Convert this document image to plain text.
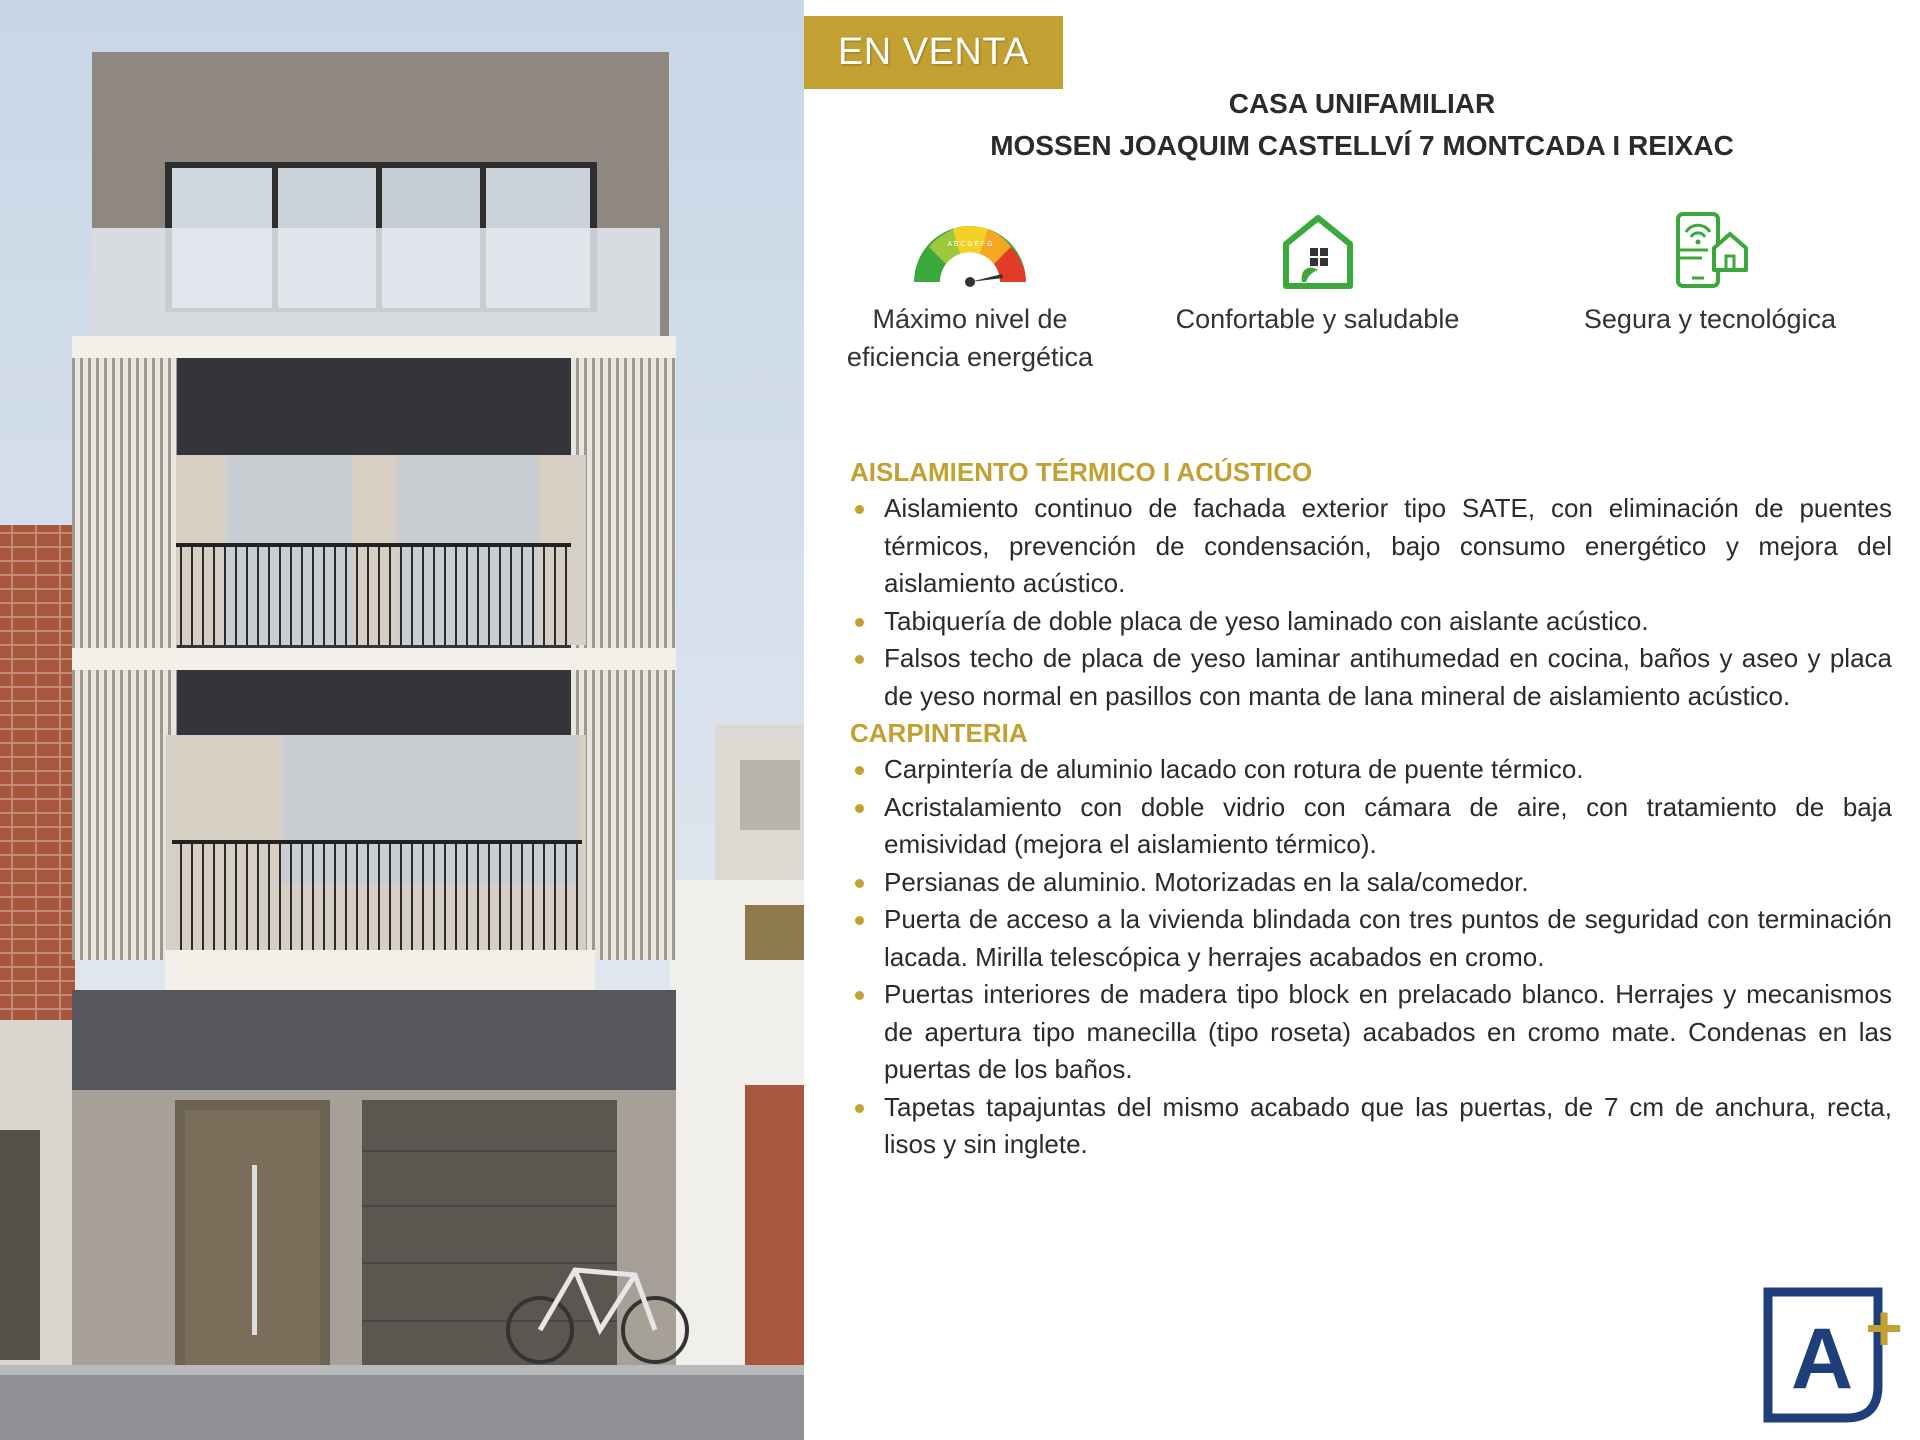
EN VENTA
CASA UNIFAMILIAR
MOSSEN JOAQUIM CASTELLVÍ 7 MONTCADA I REIXAC
A B C D E F G
Máximo nivel de
eficiencia energética
Confortable y saludable	Segura y tecnológica
AISLAMIENTO TÉRMICO I ACÚSTICO
Aislamiento continuo de fachada exterior tipo SATE, con eliminación de puentes térmicos, prevención de condensación, bajo consumo energético y mejora del aislamiento acústico.
Tabiquería de doble placa de yeso laminado con aislante acústico.
Falsos techo de placa de yeso laminar antihumedad en cocina, baños y aseo y placa de yeso normal en pasillos con manta de lana mineral de aislamiento acústico.
CARPINTERIA
Carpintería de aluminio lacado con rotura de puente térmico.
Acristalamiento con doble vidrio con cámara de aire, con tratamiento de baja emisividad (mejora el aislamiento térmico).
Persianas de aluminio. Motorizadas en la sala/comedor.
Puerta de acceso a la vivienda blindada con tres puntos de seguridad con terminación lacada. Mirilla telescópica y herrajes acabados en cromo.
Puertas interiores de madera tipo block en prelacado blanco. Herrajes y mecanismos de apertura tipo manecilla (tipo roseta) acabados en cromo mate. Condenas en las puertas de los baños.
Tapetas tapajuntas del mismo acabado que las puertas, de 7 cm de anchura, recta, lisos y sin inglete.
A +
